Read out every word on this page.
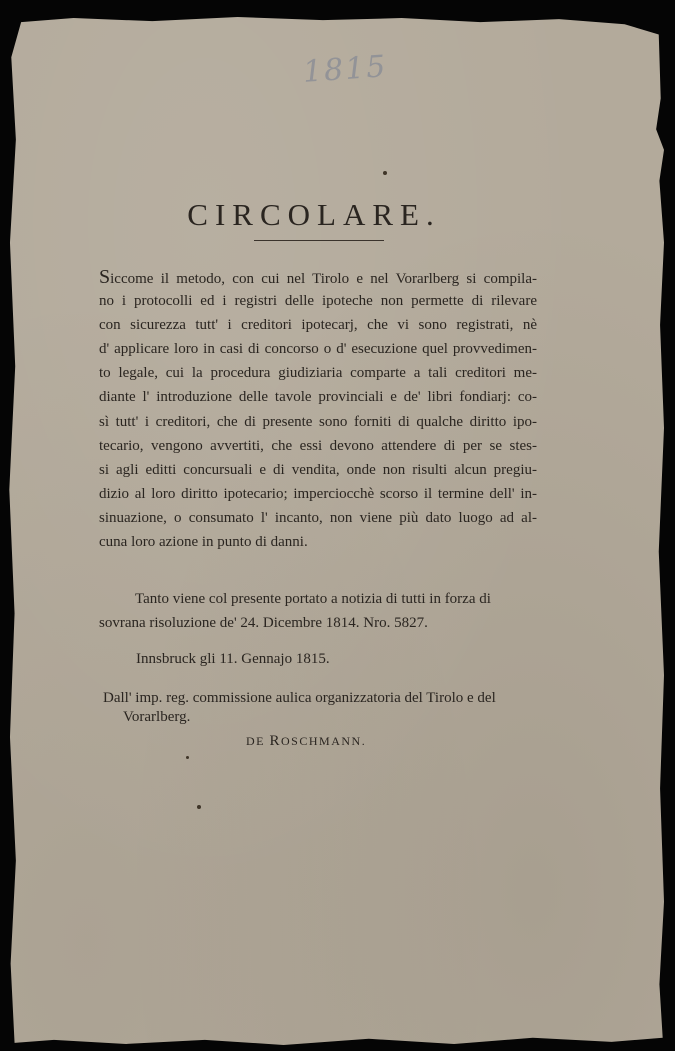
1815
CIRCOLARE.
Siccome il metodo, con cui nel Tirolo e nel Vorarlberg si compila-
no i protocolli ed i registri delle ipoteche non permette di rilevare
con sicurezza tutt' i creditori ipotecarj, che vi sono registrati, nè
d' applicare loro in casi di concorso o d' esecuzione quel provvedimen-
to legale, cui la procedura giudiziaria comparte a tali creditori me-
diante l' introduzione delle tavole provinciali e de' libri fondiarj: co-
sì tutt' i creditori, che di presente sono forniti di qualche diritto ipo-
tecario, vengono avvertiti, che essi devono attendere di per se stes-
si agli editti concursuali e di vendita, onde non risulti alcun pregiu-
dizio al loro diritto ipotecario; imperciocchè scorso il termine dell' in-
sinuazione, o consumato l' incanto, non viene più dato luogo ad al-
cuna loro azione in punto di danni.
Tanto viene col presente portato a notizia di tutti in forza di
sovrana risoluzione de' 24. Dicembre 1814. Nro. 5827.
Innsbruck gli 11. Gennajo 1815.
Dall' imp. reg. commissione aulica organizzatoria del Tirolo e del
Vorarlberg.
DE ROSCHMANN.
